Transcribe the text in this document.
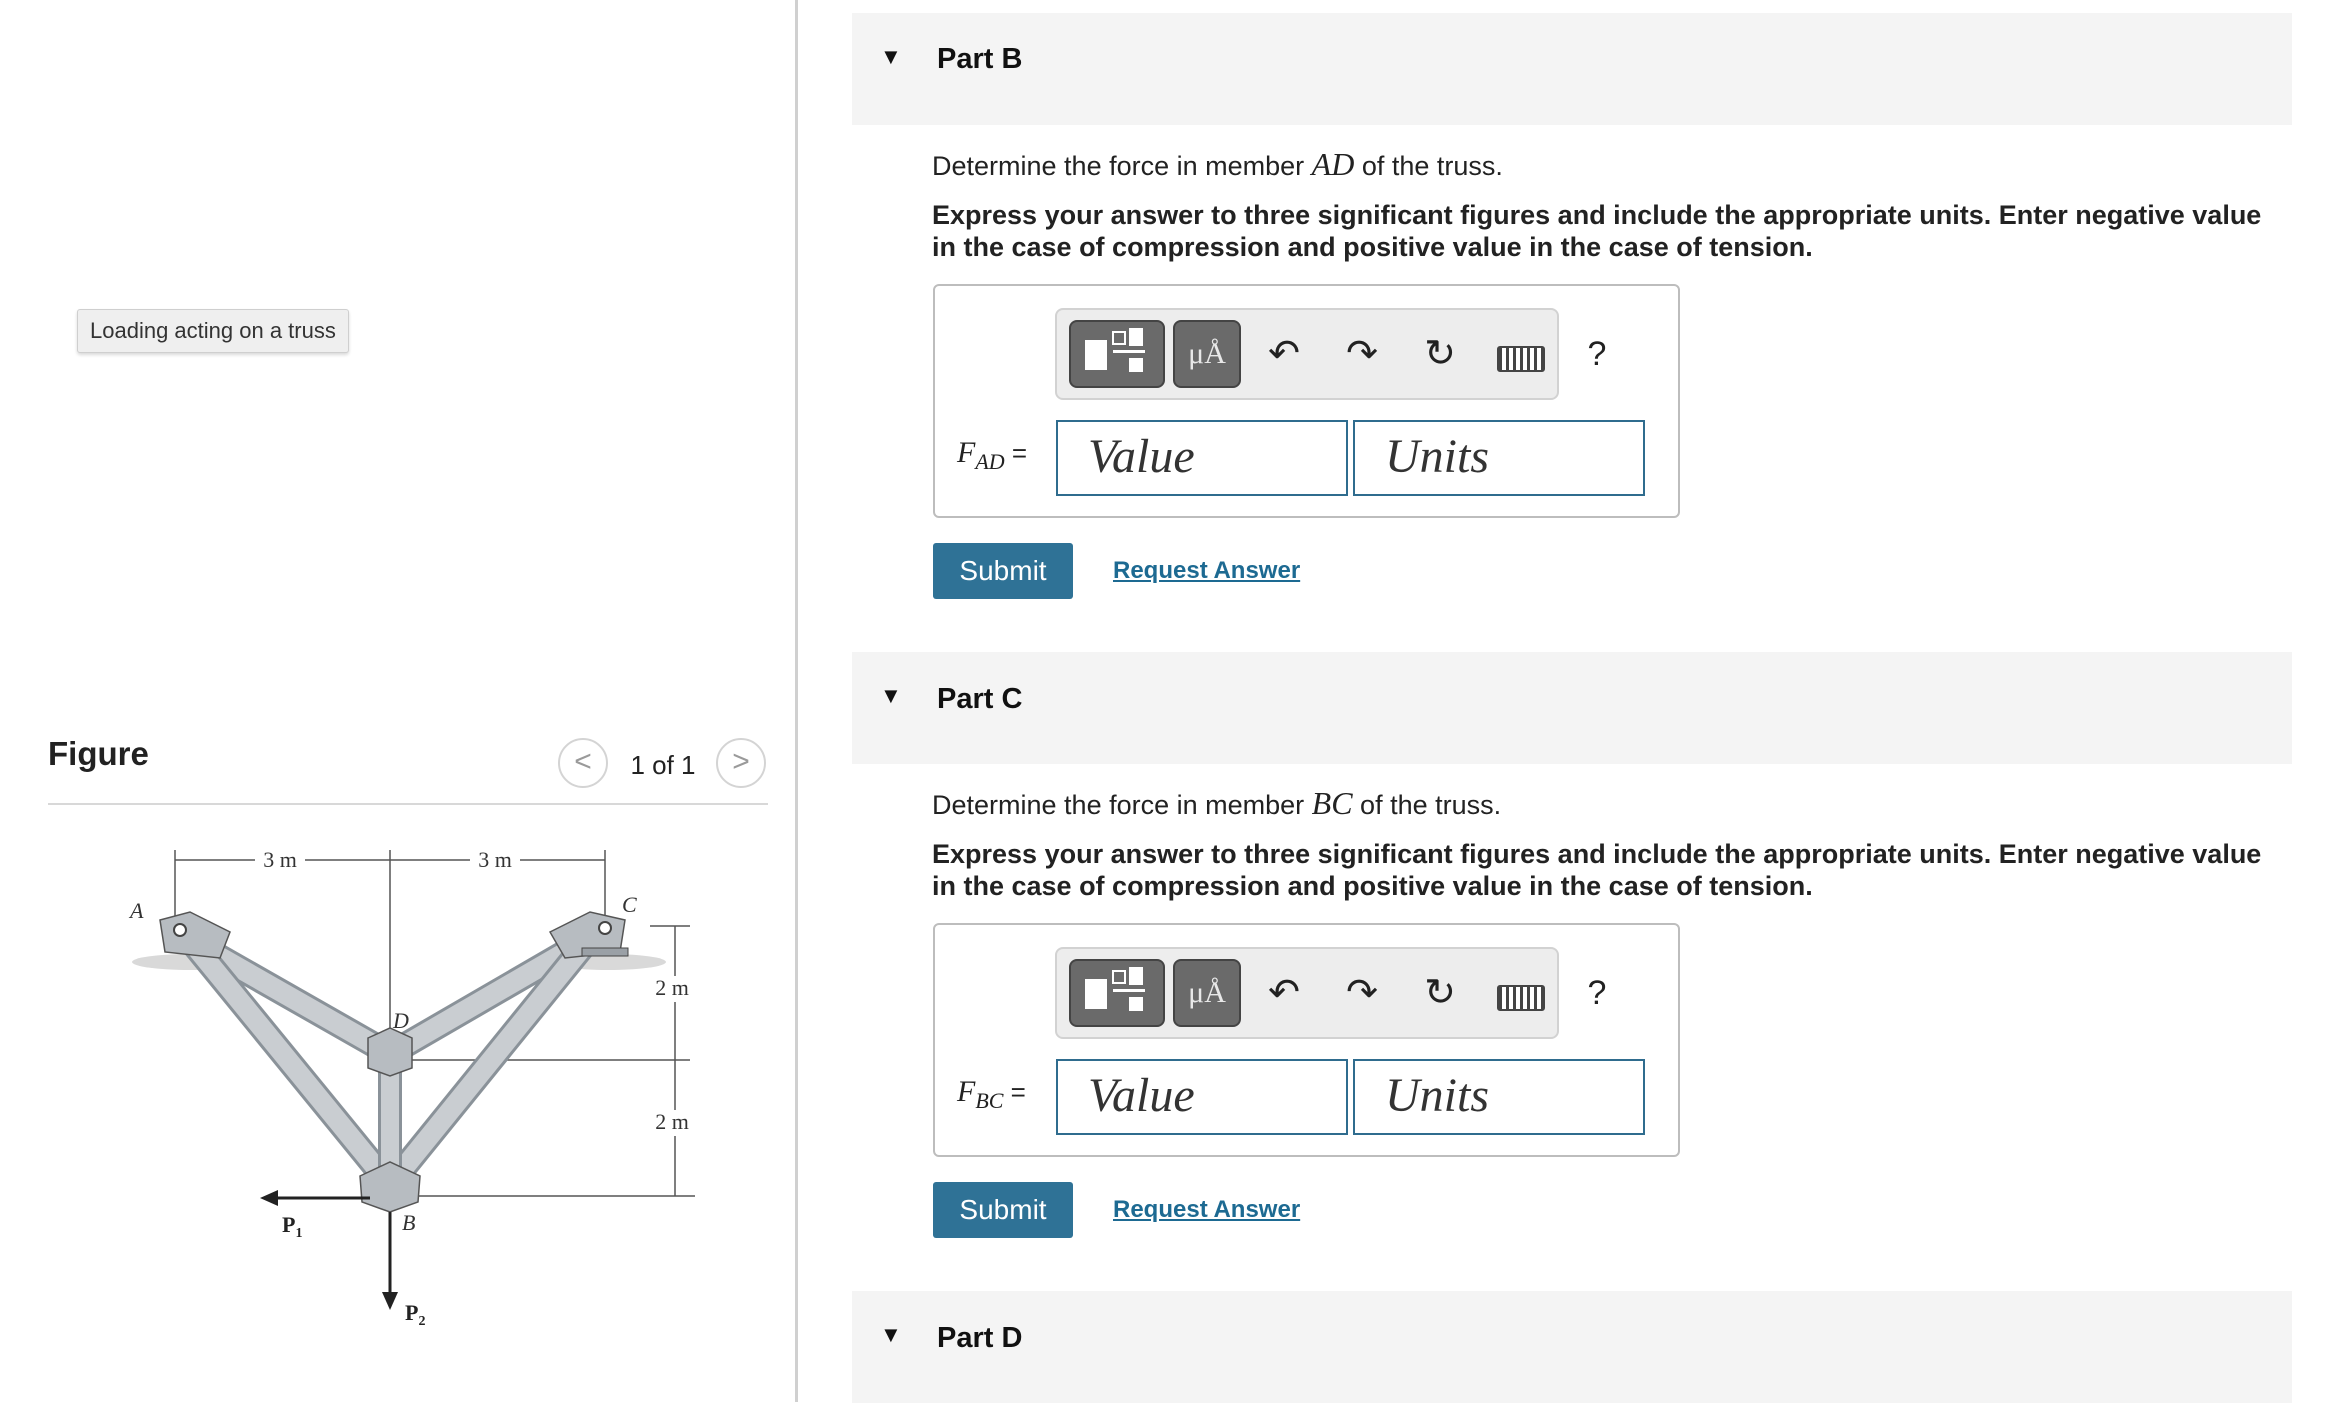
Loading acting on a truss
Figure	<	1 of 1	>
3 m	3 m
2 m
2 m
A	C
D
B
$P_1$
$P_2$
▼ Part B
Determine the force in member AD of the truss.
Express your answer to three significant figures and include the appropriate units. Enter negative value in the case of compression and positive value in the case of tension.
μÅ	↶ ↷ ↻	?
$F_{AD}$ =	Value	Units
Submit	Request Answer
▼ Part C
Determine the force in member BC of the truss.
Express your answer to three significant figures and include the appropriate units. Enter negative value in the case of compression and positive value in the case of tension.
μÅ	↶ ↷ ↻	?
$F_{BC}$ =	Value	Units
Submit	Request Answer
▼ Part D
